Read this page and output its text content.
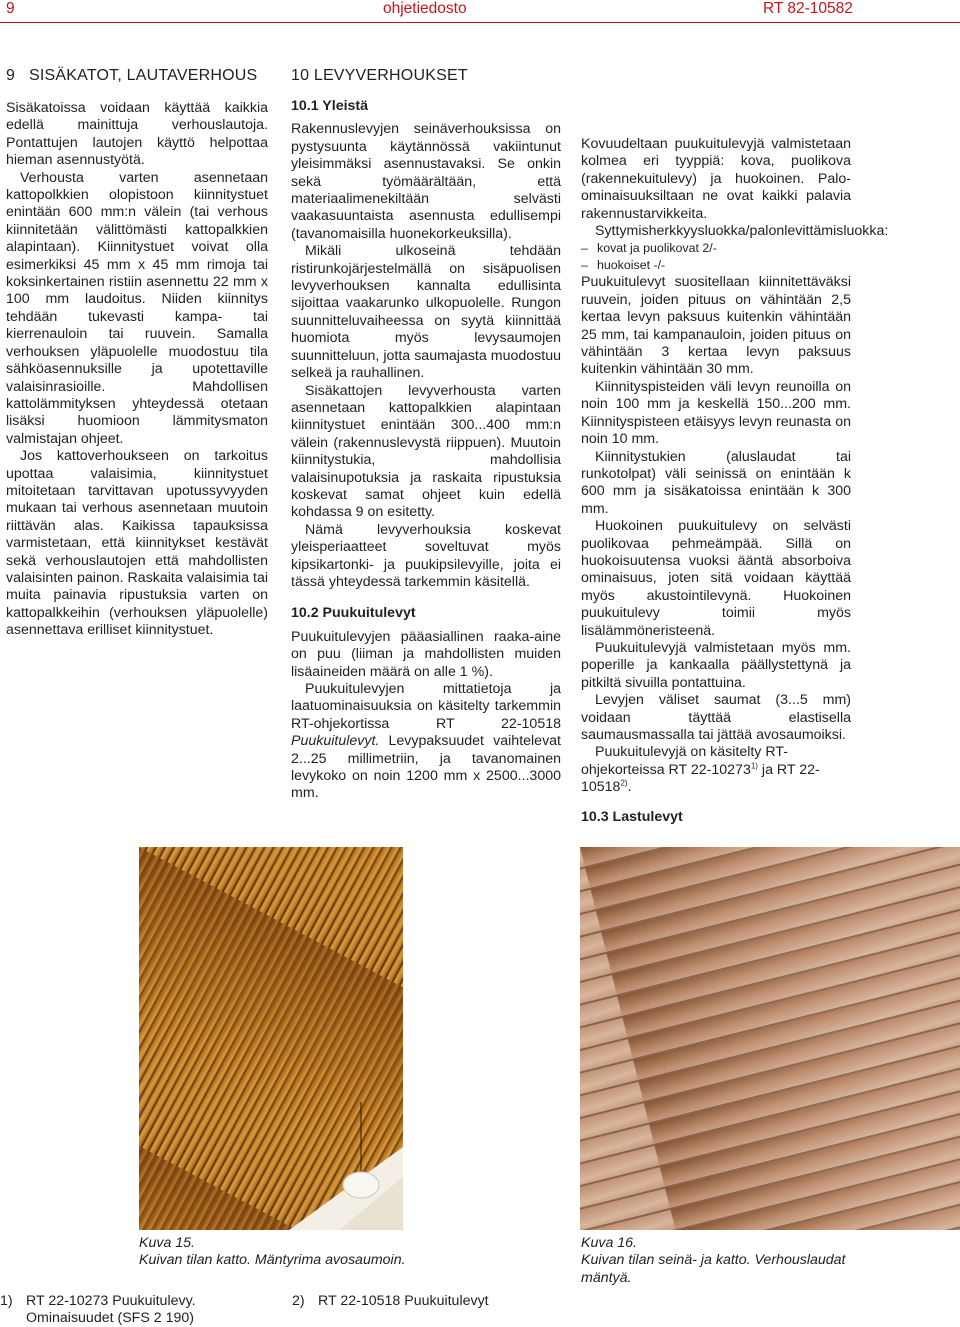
9	ohjetiedosto	RT 82-10582
9   SISÄKATOT, LAUTAVERHOUS

Sisäkatoissa voidaan käyttää kaikkia edellä mainittuja verhouslautoja. Pontattujen lautojen käyttö helpottaa hieman asennustyötä.

Verhousta varten asennetaan kattopolkkien olopistoon kiinnitystuet enintään 600 mm:n välein (tai verhous kiinnitetään välittömästi kattopalkkien alapintaan). Kiinnitystuet voivat olla esimerkiksi 45 mm x 45 mm rimoja tai koksinkertainen ristiin asennettu 22 mm x 100 mm laudoitus. Niiden kiinnitys tehdään tukevasti kampa- tai kierrenauloin tai ruuvein. Samalla verhouksen yläpuolelle muodostuu tila sähköasennuksille ja upotettaville valaisinrasioille. Mahdollisen kattolämmityksen yhteydessä otetaan lisäksi huomioon lämmitysmaton valmistajan ohjeet.

Jos kattoverhoukseen on tarkoitus upottaa valaisimia, kiinnitystuet mitoitetaan tarvittavan upotussyvyyden mukaan tai verhous asennetaan muutoin riittävän alas. Kaikissa tapauksissa varmistetaan, että kiinnitykset kestävät sekä verhouslautojen että mahdollisten valaisinten painon. Raskaita valaisimia tai muita painavia ripustuksia varten on kattopalkkeihin (verhouksen yläpuolelle) asennettava erilliset kiinnitystuet.

10 LEVYVERHOUKSET

10.1 Yleistä

Rakennuslevyjen seinäverhouksissa on pystysuunta käytännössä vakiintunut yleisimmäksi asennustavaksi. Se onkin sekä työmäärältään, että materiaalimenekiltään selvästi vaakasuuntaista asennusta edullisempi (tavanomaisilla huonekorkeuksilla).

Mikäli ulkoseinä tehdään ristirunkojärjestelmällä on sisäpuolisen levyverhouksen kannalta edullisinta sijoittaa vaakarunko ulkopuolelle. Rungon suunnitteluvaiheessa on syytä kiinnittää huomiota myös levysaumojen suunnitteluun, jotta saumajasta muodostuu selkeä ja rauhallinen.

Sisäkattojen levyverhousta varten asennetaan kattopalkkien alapintaan kiinnitystuet enintään 300...400 mm:n välein (rakennuslevystä riippuen). Muutoin kiinnitystukia, mahdollisia valaisinupotuksia ja raskaita ripustuksia koskevat samat ohjeet kuin edellä kohdassa 9 on esitetty.

Nämä levyverhouksia koskevat yleisperiaatteet soveltuvat myös kipsikartonki- ja puukipsilevyille, joita ei tässä yhteydessä tarkemmin käsitellä.

10.2 Puukuitulevyt

Puukuitulevyjen pääasiallinen raaka-aine on puu (liiman ja mahdollisten muiden lisäaineiden määrä on alle 1 %).

Puukuitulevyjen mittatietoja ja laatuominaisuuksia on käsitelty tarkemmin RT-ohjekortissa RT 22-10518 Puukuitulevyt. Levypaksuudet vaihtelevat 2...25 millimetriin, ja tavanomainen levykoko on noin 1200 mm x 2500...3000 mm.

Kovuudeltaan puukuitulevyjä valmistetaan kolmea eri tyyppiä: kova, puolikova (rakennekuitulevy) ja huokoinen. Palo-ominaisuuksiltaan ne ovat kaikki palavia rakennustarvikkeita.

Syttymisherkkyysluokka/palonlevittämisluokka:

– kovat ja puolikovat 2/-
– huokoiset -/-

Puukuitulevyt suositellaan kiinnitettäväksi ruuvein, joiden pituus on vähintään 2,5 kertaa levyn paksuus kuitenkin vähintään 25 mm, tai kampanauloin, joiden pituus on vähintään 3 kertaa levyn paksuus kuitenkin vähintään 30 mm.

Kiinnityspisteiden väli levyn reunoilla on noin 100 mm ja keskellä 150...200 mm. Kiinnityspisteen etäisyys levyn reunasta on noin 10 mm.

Kiinnitystukien (aluslaudat tai runkotolpat) väli seinissä on enintään k 600 mm ja sisäkatoissa enintään k 300 mm.

Huokoinen puukuitulevy on selvästi puolikovaa pehmeämpää. Sillä on huokoisuutensa vuoksi ääntä absorboiva ominaisuus, joten sitä voidaan käyttää myös akustointilevynä. Huokoinen puukuitulevy toimii myös lisälämmöneristeenä.

Puukuitulevyjä valmistetaan myös mm. poperille ja kankaalla päällystettynä ja pitkiltä sivuilla pontattuina.

Levyjen väliset saumat (3...5 mm) voidaan täyttää elastisella saumausmassalla tai jättää avosaumoiksi.

Puukuitulevyjä on käsitelty RT-ohjekorteissa RT 22-10273$^{1)}$ ja RT 22-10518$^{2)}$.

10.3 Lastulevyt

Kuva 15.
Kuivan tilan katto. Mäntyrima avosaumoin.
Kuva 16.
Kuivan tilan seinä- ja katto. Verhouslaudat mäntyä.
1) RT 22-10273 Puukuitulevy.
Ominaisuudet (SFS 2 190)
2) RT 22-10518 Puukuitulevyt
